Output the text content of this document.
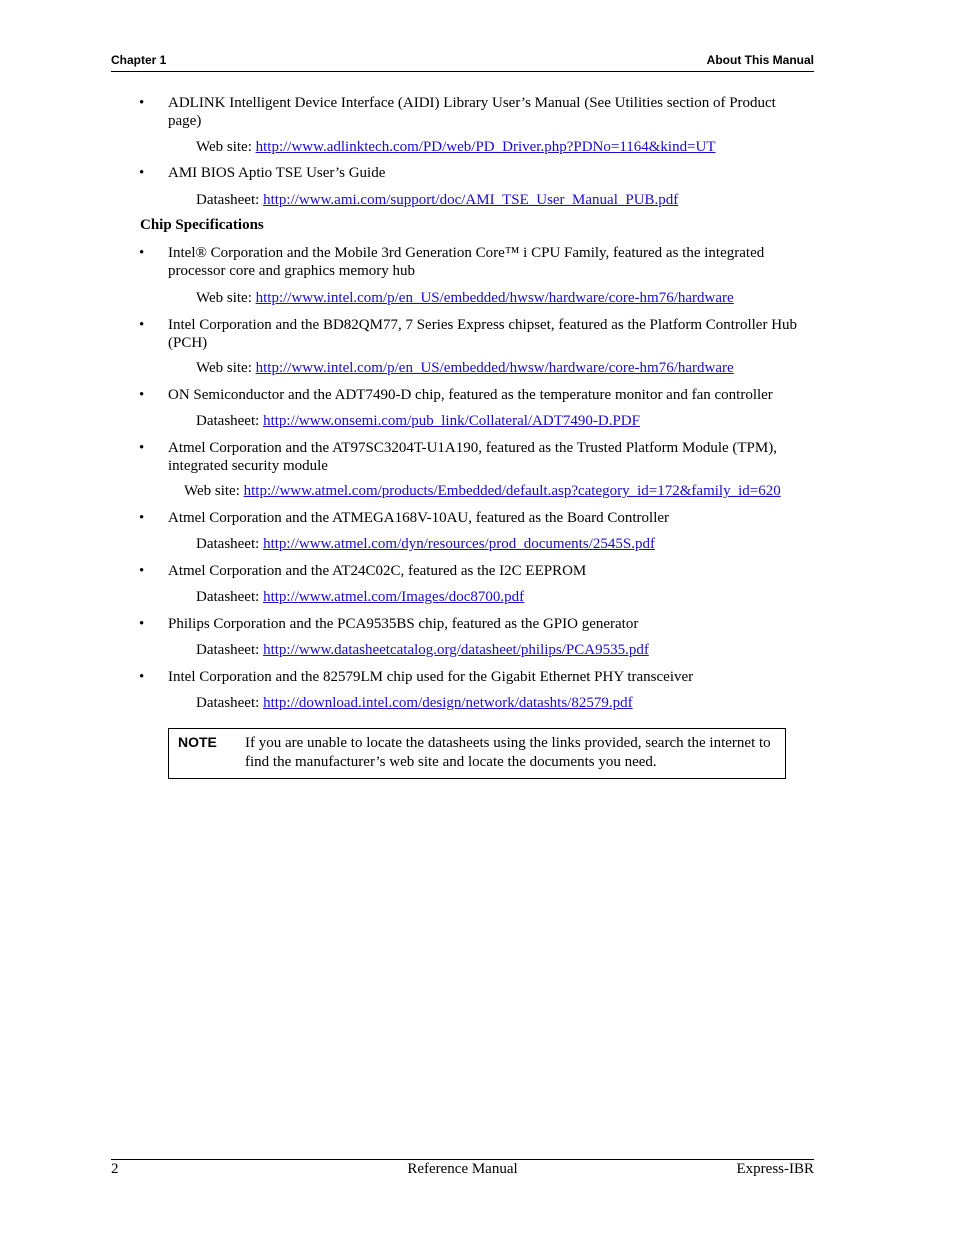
Chapter 1	About This Manual
• ADLINK Intelligent Device Interface (AIDI) Library User’s Manual (See Utilities section of Product page)
Web site: http://www.adlinktech.com/PD/web/PD_Driver.php?PDNo=1164&kind=UT
• AMI BIOS Aptio TSE User’s Guide
Datasheet: http://www.ami.com/support/doc/AMI_TSE_User_Manual_PUB.pdf
Chip Specifications
• Intel® Corporation and the Mobile 3rd Generation Core™ i CPU Family, featured as the integrated processor core and graphics memory hub
Web site: http://www.intel.com/p/en_US/embedded/hwsw/hardware/core-hm76/hardware
• Intel Corporation and the BD82QM77, 7 Series Express chipset, featured as the Platform Controller Hub (PCH)
Web site: http://www.intel.com/p/en_US/embedded/hwsw/hardware/core-hm76/hardware
• ON Semiconductor and the ADT7490-D chip, featured as the temperature monitor and fan controller
Datasheet: http://www.onsemi.com/pub_link/Collateral/ADT7490-D.PDF
• Atmel Corporation and the AT97SC3204T-U1A190, featured as the Trusted Platform Module (TPM), integrated security module
Web site: http://www.atmel.com/products/Embedded/default.asp?category_id=172&family_id=620
• Atmel Corporation and the ATMEGA168V-10AU, featured as the Board Controller
Datasheet: http://www.atmel.com/dyn/resources/prod_documents/2545S.pdf
• Atmel Corporation and the AT24C02C, featured as the I2C EEPROM
Datasheet: http://www.atmel.com/Images/doc8700.pdf
• Philips Corporation and the PCA9535BS chip, featured as the GPIO generator
Datasheet: http://www.datasheetcatalog.org/datasheet/philips/PCA9535.pdf
• Intel Corporation and the 82579LM chip used for the Gigabit Ethernet PHY transceiver
Datasheet: http://download.intel.com/design/network/datashts/82579.pdf
NOTE If you are unable to locate the datasheets using the links provided, search the internet to find the manufacturer’s web site and locate the documents you need.
2	Reference Manual	Express-IBR
